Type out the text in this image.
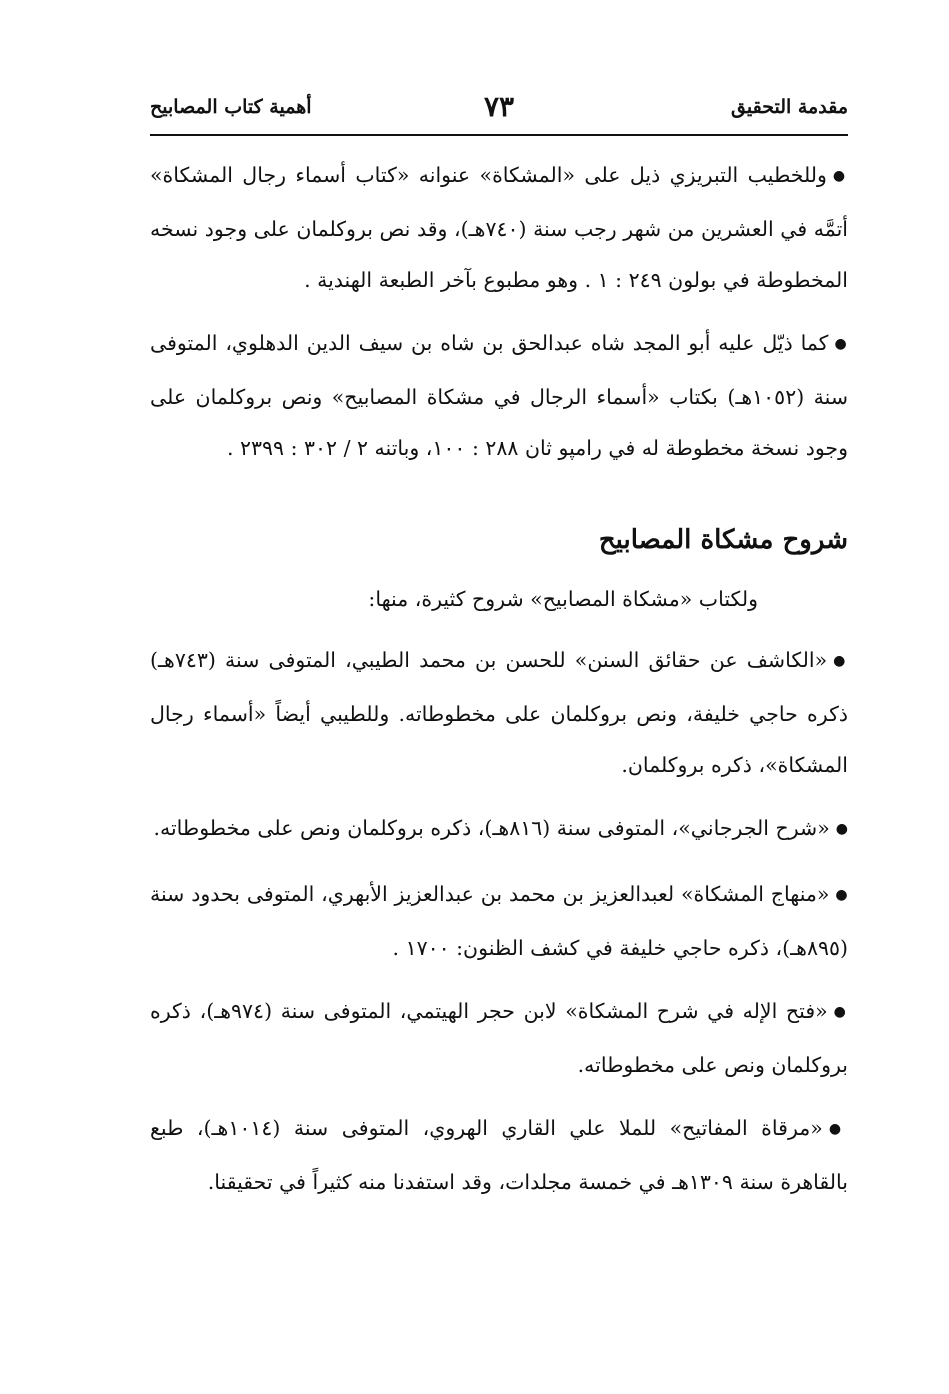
مقدمة التحقيق
٧٣
أهمية كتاب المصابيح

● وللخطيب التبريزي ذيل على «المشكاة» عنوانه «كتاب أسماء رجال المشكاة» أتمَّه في العشرين من شهر رجب سنة (٧٤٠هـ)، وقد نص بروكلمان على وجود نسخه المخطوطة في بولون ٢٤٩ : ١ . وهو مطبوع بآخر الطبعة الهندية .

● كما ذيّل عليه أبو المجد شاه عبدالحق بن شاه بن سيف الدين الدهلوي، المتوفى سنة (١٠٥٢هـ) بكتاب «أسماء الرجال في مشكاة المصابيح» ونص بروكلمان على وجود نسخة مخطوطة له في رامپو ثان ٢٨٨ : ١٠٠، وباتنه ٢ / ٣٠٢ : ٢٣٩٩ .

شروح مشكاة المصابيح

ولكتاب «مشكاة المصابيح» شروح كثيرة، منها:

● «الكاشف عن حقائق السنن» للحسن بن محمد الطيبي، المتوفى سنة (٧٤٣هـ) ذكره حاجي خليفة، ونص بروكلمان على مخطوطاته. وللطيبي أيضاً «أسماء رجال المشكاة»، ذكره بروكلمان.

● «شرح الجرجاني»، المتوفى سنة (٨١٦هـ)، ذكره بروكلمان ونص على مخطوطاته.

● «منهاج المشكاة» لعبدالعزيز بن محمد بن عبدالعزيز الأبهري، المتوفى بحدود سنة (٨٩٥هـ)، ذكره حاجي خليفة في كشف الظنون: ١٧٠٠ .

● «فتح الإله في شرح المشكاة» لابن حجر الهيتمي، المتوفى سنة (٩٧٤هـ)، ذكره بروكلمان ونص على مخطوطاته.

● «مرقاة المفاتيح» للملا علي القاري الهروي، المتوفى سنة (١٠١٤هـ)، طبع بالقاهرة سنة ١٣٠٩هـ في خمسة مجلدات، وقد استفدنا منه كثيراً في تحقيقنا.
